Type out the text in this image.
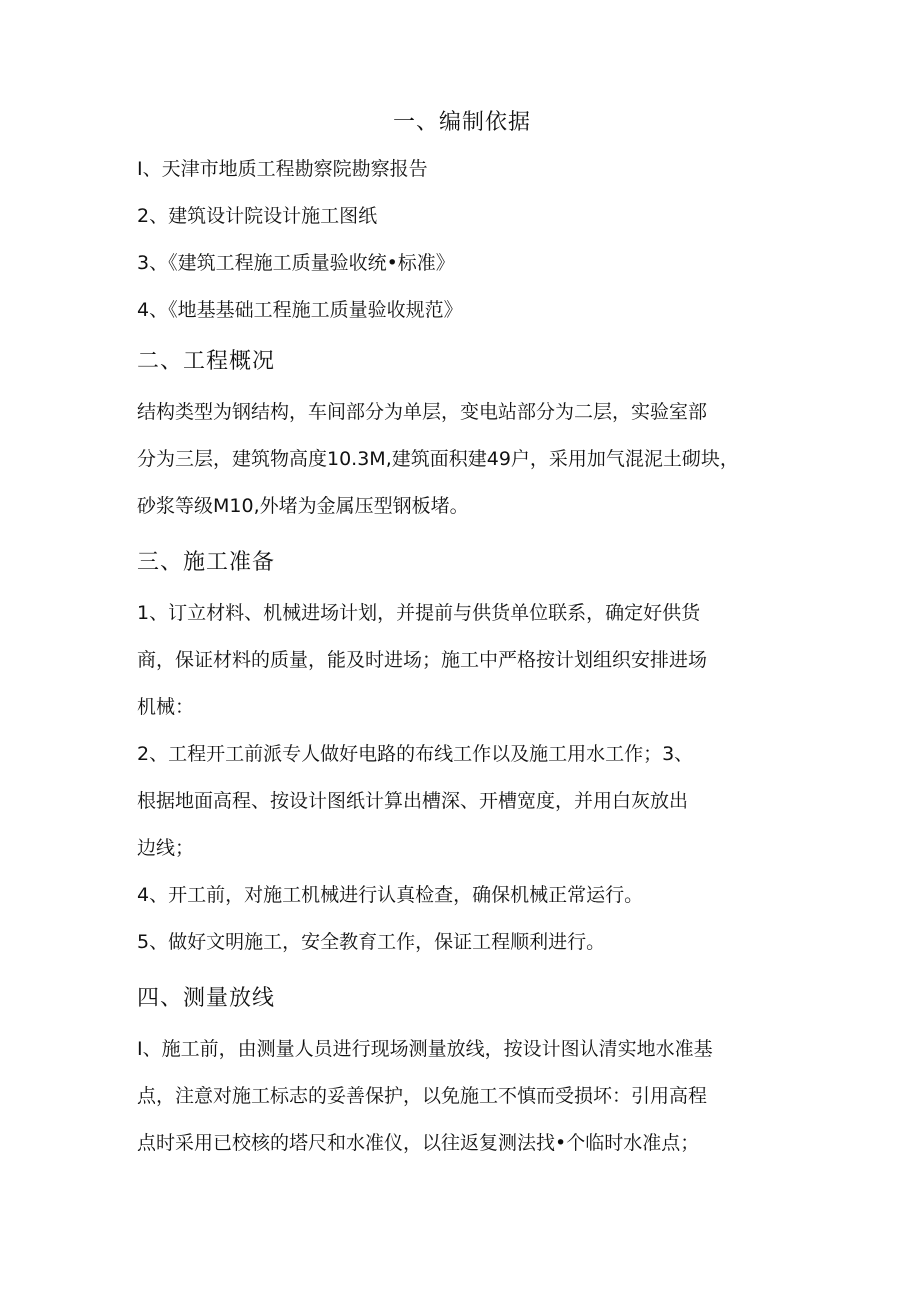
一、编制依据
I、天津市地质工程勘察院勘察报告
2、建筑设计院设计施工图纸
3、《建筑工程施工质量验收统•标准》
4、《地基基础工程施工质量验收规范》
二、工程概况
结构类型为钢结构，车间部分为单层，变电站部分为二层，实验室部
分为三层，建筑物高度10.3M,建筑面积建49户，采用加气混泥土砌块，
砂浆等级M10,外堵为金属压型钢板堵。
三、施工准备
1、订立材料、机械进场计划，并提前与供货单位联系，确定好供货
商，保证材料的质量，能及时进场；施工中严格按计划组织安排进场
机械：
2、工程开工前派专人做好电路的布线工作以及施工用水工作；3、
根据地面高程、按设计图纸计算出槽深、开槽宽度，并用白灰放出
边线；
4、开工前，对施工机械进行认真检查，确保机械正常运行。
5、做好文明施工，安全教育工作，保证工程顺利进行。
四、测量放线
I、施工前，由测量人员进行现场测量放线，按设计图认清实地水准基
点，注意对施工标志的妥善保护，以免施工不慎而受损坏：引用高程
点时采用已校核的塔尺和水准仪，以往返复测法找•个临时水准点；
